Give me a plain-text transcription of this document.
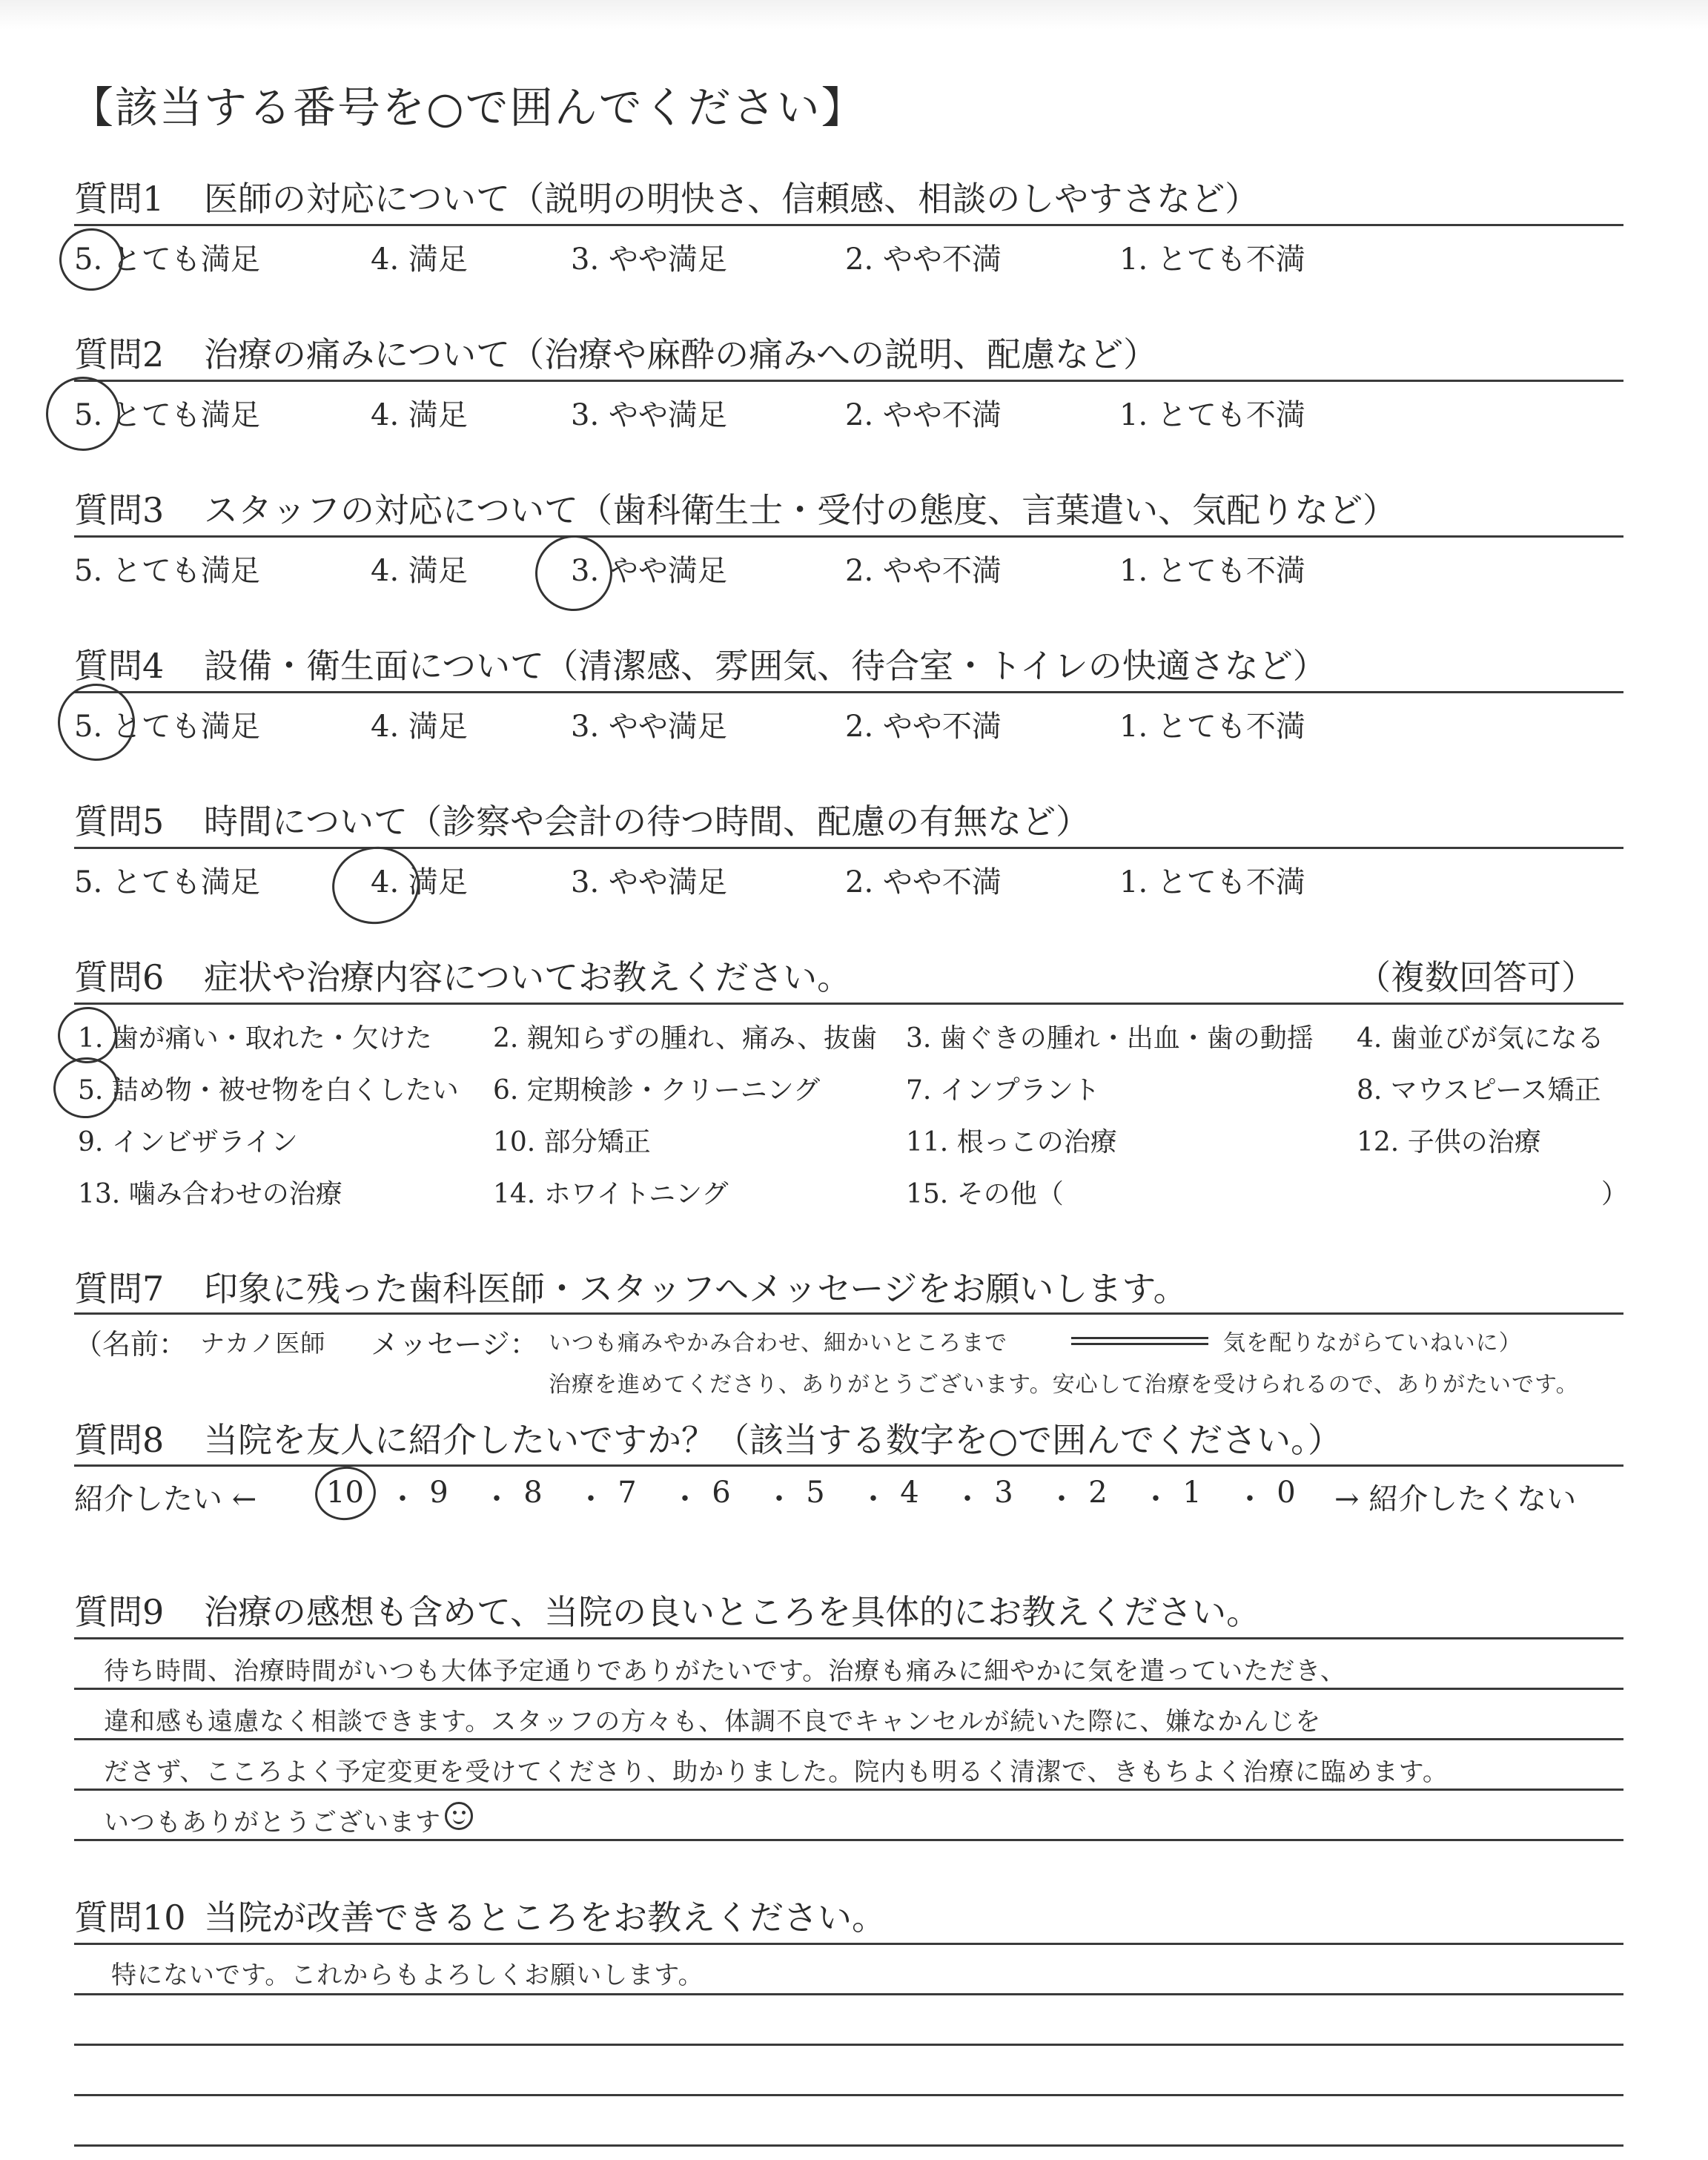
【該当する番号を○で囲んでください】
質問1 医師の対応について（説明の明快さ、信頼感、相談のしやすさなど）
5. とても満足	4. 満足	3. やや満足	2. やや不満	1. とても不満
質問2 治療の痛みについて（治療や麻酔の痛みへの説明、配慮など）
5. とても満足	4. 満足	3. やや満足	2. やや不満	1. とても不満
質問3 スタッフの対応について（歯科衛生士・受付の態度、言葉遣い、気配りなど）
5. とても満足	4. 満足	3. やや満足	2. やや不満	1. とても不満
質問4 設備・衛生面について（清潔感、雰囲気、待合室・トイレの快適さなど）
5. とても満足	4. 満足	3. やや満足	2. やや不満	1. とても不満
質問5 時間について（診察や会計の待つ時間、配慮の有無など）
5. とても満足	4. 満足	3. やや満足	2. やや不満	1. とても不満
質問6 症状や治療内容についてお教えください。	（複数回答可）
1. 歯が痛い・取れた・欠けた 2. 親知らずの腫れ、痛み、抜歯 3. 歯ぐきの腫れ・出血・歯の動揺 4. 歯並びが気になる
5. 詰め物・被せ物を白くしたい 6. 定期検診・クリーニング	7. インプラント	8. マウスピース矯正
9. インビザライン	10. 部分矯正	11. 根っこの治療	12. 子供の治療
13. 噛み合わせの治療	14. ホワイトニング	15. その他（	）
質問7 印象に残った歯科医師・スタッフへメッセージをお願いします。
（名前： ナカノ医師 メッセージ： いつも痛みやかみ合わせ、細かいところまで	気を配りながらていねいに）
治療を進めてくださり、ありがとうございます。安心して治療を受けられるので、ありがたいです。
質問8 当院を友人に紹介したいですか？（該当する数字を○で囲んでください。）
紹介したい ← 10 ・ 9	・ 8	・ 7	・ 6	・ 5	・ 4	・ 3	・ 2	・ 1	・ 0	→ 紹介したくない
質問9 治療の感想も含めて、当院の良いところを具体的にお教えください。
待ち時間、治療時間がいつも大体予定通りでありがたいです。治療も痛みに細やかに気を遣っていただき、
違和感も遠慮なく相談できます。スタッフの方々も、体調不良でキャンセルが続いた際に、嫌なかんじを
ださず、こころよく予定変更を受けてくださり、助かりました。院内も明るく清潔で、きもちよく治療に臨めます。
いつもありがとうございます
質問10 当院が改善できるところをお教えください。
特にないです。これからもよろしくお願いします。
